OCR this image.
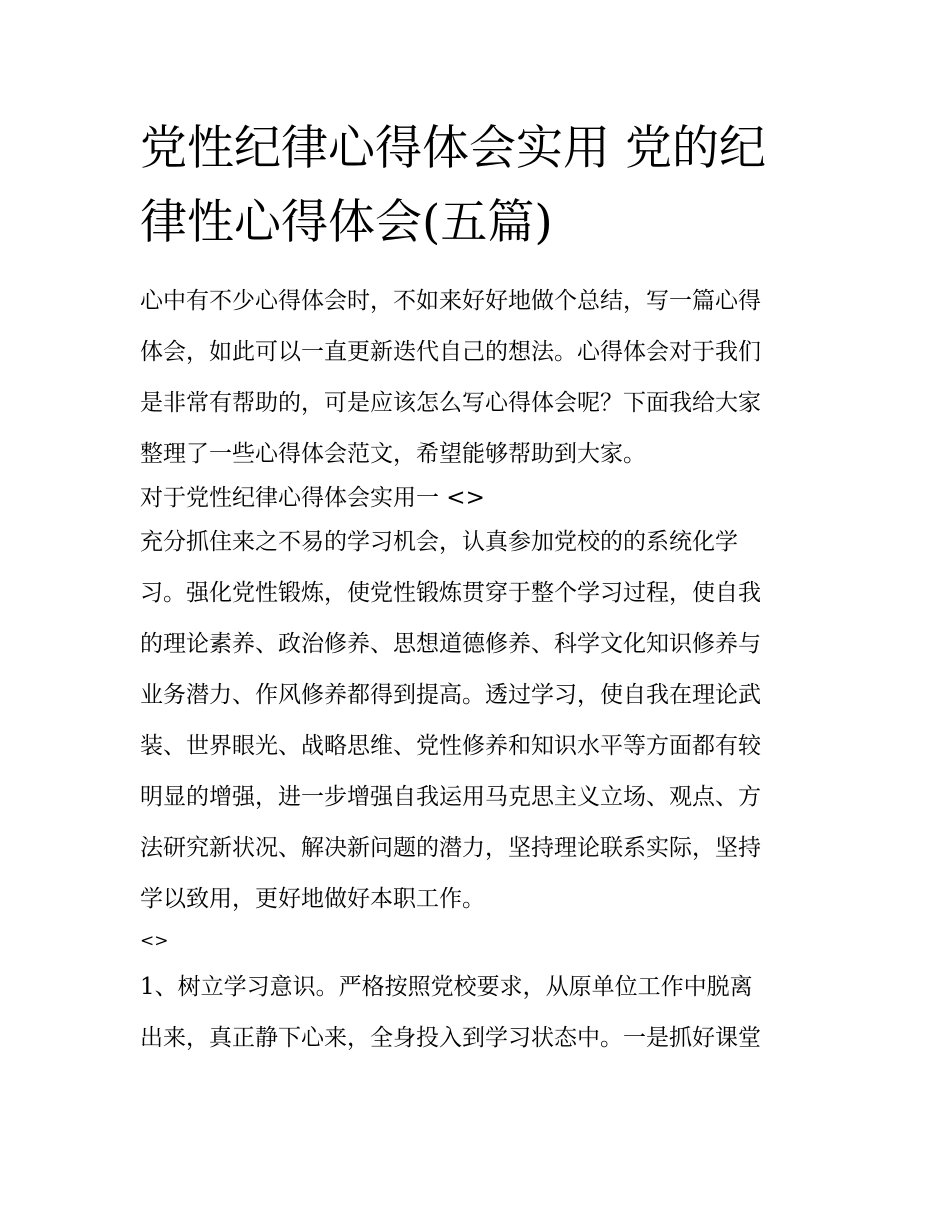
党性纪律心得体会实用 党的纪
律性心得体会(五篇)
心中有不少心得体会时，不如来好好地做个总结，写一篇心得
体会，如此可以一直更新迭代自己的想法。心得体会对于我们
是非常有帮助的，可是应该怎么写心得体会呢？下面我给大家
整理了一些心得体会范文，希望能够帮助到大家。
对于党性纪律心得体会实用一 <>
充分抓住来之不易的学习机会，认真参加党校的的系统化学
习。强化党性锻炼，使党性锻炼贯穿于整个学习过程，使自我
的理论素养、政治修养、思想道德修养、科学文化知识修养与
业务潜力、作风修养都得到提高。透过学习，使自我在理论武
装、世界眼光、战略思维、党性修养和知识水平等方面都有较
明显的增强，进一步增强自我运用马克思主义立场、观点、方
法研究新状况、解决新问题的潜力，坚持理论联系实际，坚持
学以致用，更好地做好本职工作。
<>
1、树立学习意识。严格按照党校要求，从原单位工作中脱离
出来，真正静下心来，全身投入到学习状态中。一是抓好课堂
